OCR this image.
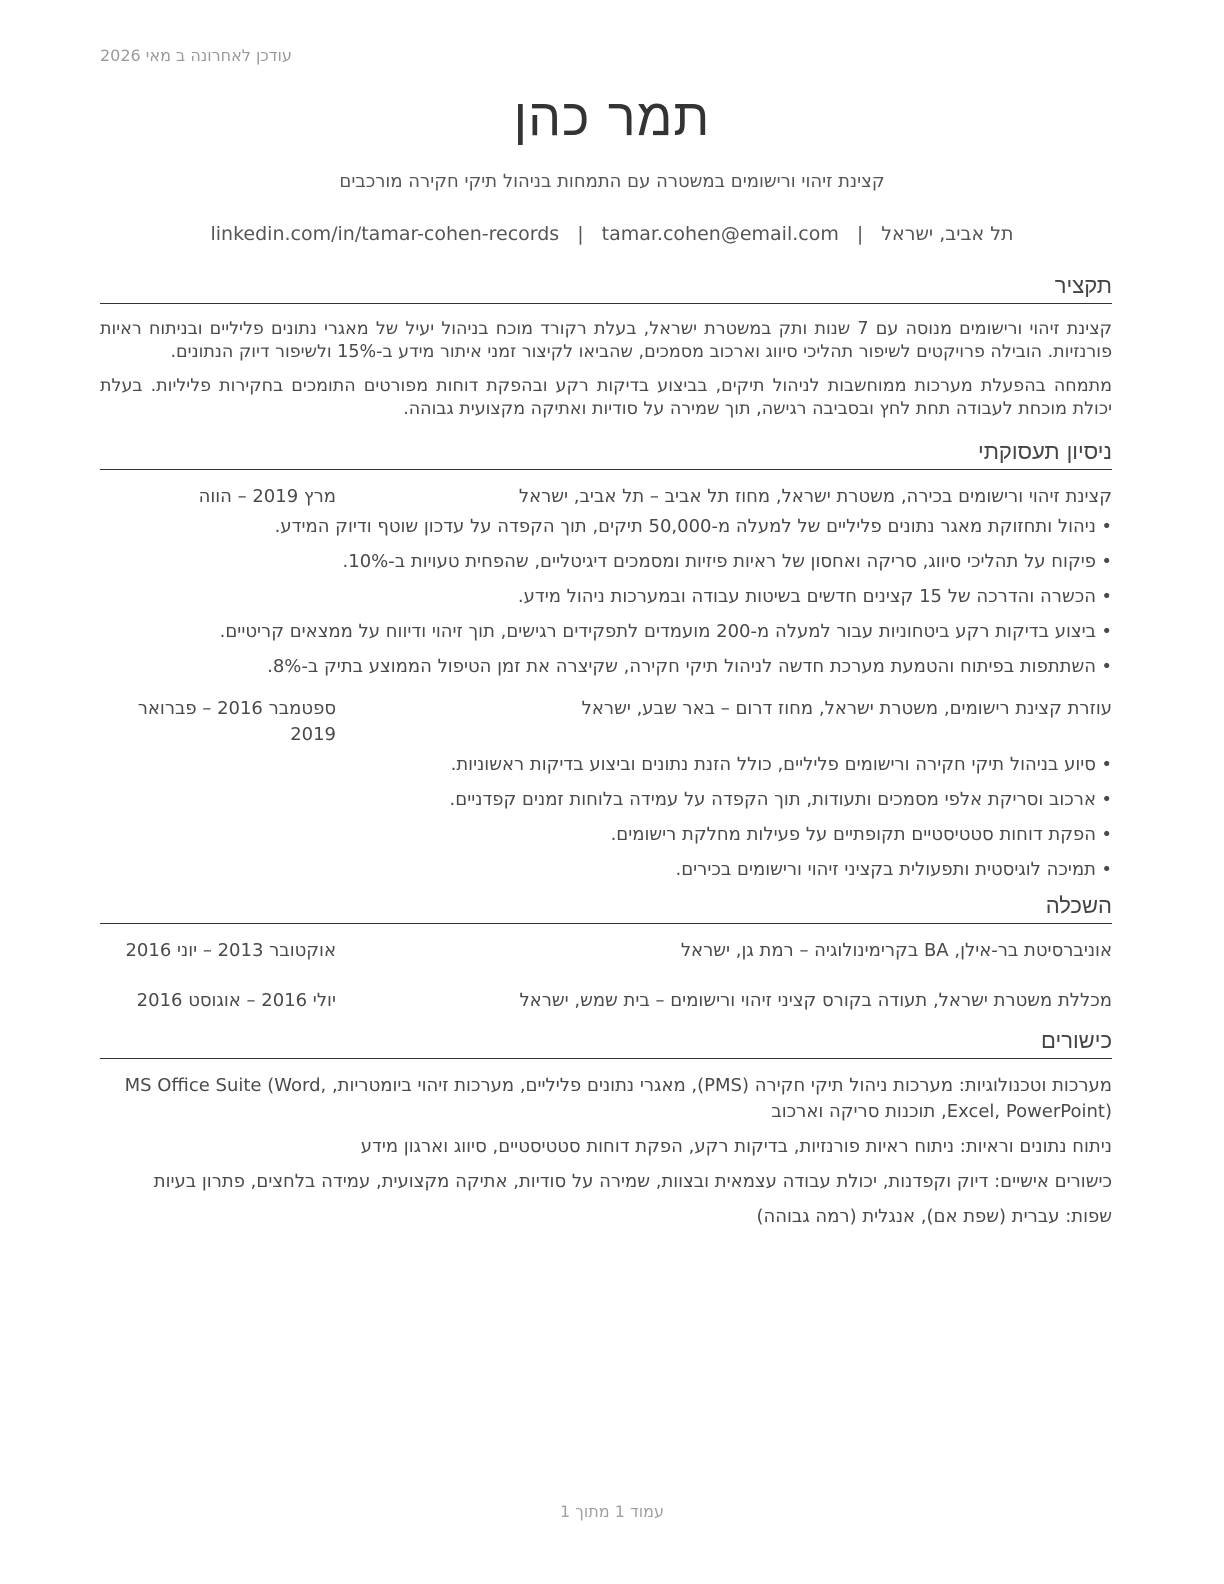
עודכן לאחרונה ב מאי 2026
תמר כהן
קצינת זיהוי ורישומים במשטרה עם התמחות בניהול תיקי חקירה מורכבים
linkedin.com/in/tamar-cohen-records | tamar.cohen@email.com | תל אביב, ישראל
תקציר

קצינת זיהוי ורישומים מנוסה עם 7 שנות ותק במשטרת ישראל, בעלת רקורד מוכח בניהול יעיל של מאגרי נתונים פליליים ובניתוח ראיות פורנזיות. הובילה פרויקטים לשיפור תהליכי סיווג וארכוב מסמכים, שהביאו לקיצור זמני איתור מידע ב-15% ולשיפור דיוק הנתונים.

מתמחה בהפעלת מערכות ממוחשבות לניהול תיקים, בביצוע בדיקות רקע ובהפקת דוחות מפורטים התומכים בחקירות פליליות. בעלת יכולת מוכחת לעבודה תחת לחץ ובסביבה רגישה, תוך שמירה על סודיות ואתיקה מקצועית גבוהה.

ניסיון תעסוקתי
קצינת זיהוי ורישומים בכירה, משטרת ישראל, מחוז תל אביב – תל אביב, ישראל
מרץ 2019 – הווה
• ניהול ותחזוקת מאגר נתונים פליליים של למעלה מ-50,000 תיקים, תוך הקפדה על עדכון שוטף ודיוק המידע.
• פיקוח על תהליכי סיווג, סריקה ואחסון של ראיות פיזיות ומסמכים דיגיטליים, שהפחית טעויות ב-10%.
• הכשרה והדרכה של 15 קצינים חדשים בשיטות עבודה ובמערכות ניהול מידע.
• ביצוע בדיקות רקע ביטחוניות עבור למעלה מ-200 מועמדים לתפקידים רגישים, תוך זיהוי ודיווח על ממצאים קריטיים.
• השתתפות בפיתוח והטמעת מערכת חדשה לניהול תיקי חקירה, שקיצרה את זמן הטיפול הממוצע בתיק ב-8%.
עוזרת קצינת רישומים, משטרת ישראל, מחוז דרום – באר שבע, ישראל
ספטמבר 2016 – פברואר 2019
• סיוע בניהול תיקי חקירה ורישומים פליליים, כולל הזנת נתונים וביצוע בדיקות ראשוניות.
• ארכוב וסריקת אלפי מסמכים ותעודות, תוך הקפדה על עמידה בלוחות זמנים קפדניים.
• הפקת דוחות סטטיסטיים תקופתיים על פעילות מחלקת רישומים.
• תמיכה לוגיסטית ותפעולית בקציני זיהוי ורישומים בכירים.
השכלה
אוניברסיטת בר-אילן, BA בקרימינולוגיה – רמת גן, ישראל
אוקטובר 2013 – יוני 2016
מכללת משטרת ישראל, תעודה בקורס קציני זיהוי ורישומים – בית שמש, ישראל
יולי 2016 – אוגוסט 2016
כישורים
מערכות וטכנולוגיות: מערכות ניהול תיקי חקירה (PMS), מאגרי נתונים פליליים, מערכות זיהוי ביומטריות, MS Office Suite (Word, Excel, PowerPoint), תוכנות סריקה וארכוב
ניתוח נתונים וראיות: ניתוח ראיות פורנזיות, בדיקות רקע, הפקת דוחות סטטיסטיים, סיווג וארגון מידע
כישורים אישיים: דיוק וקפדנות, יכולת עבודה עצמאית ובצוות, שמירה על סודיות, אתיקה מקצועית, עמידה בלחצים, פתרון בעיות
שפות: עברית (שפת אם), אנגלית (רמה גבוהה)
עמוד 1 מתוך 1
